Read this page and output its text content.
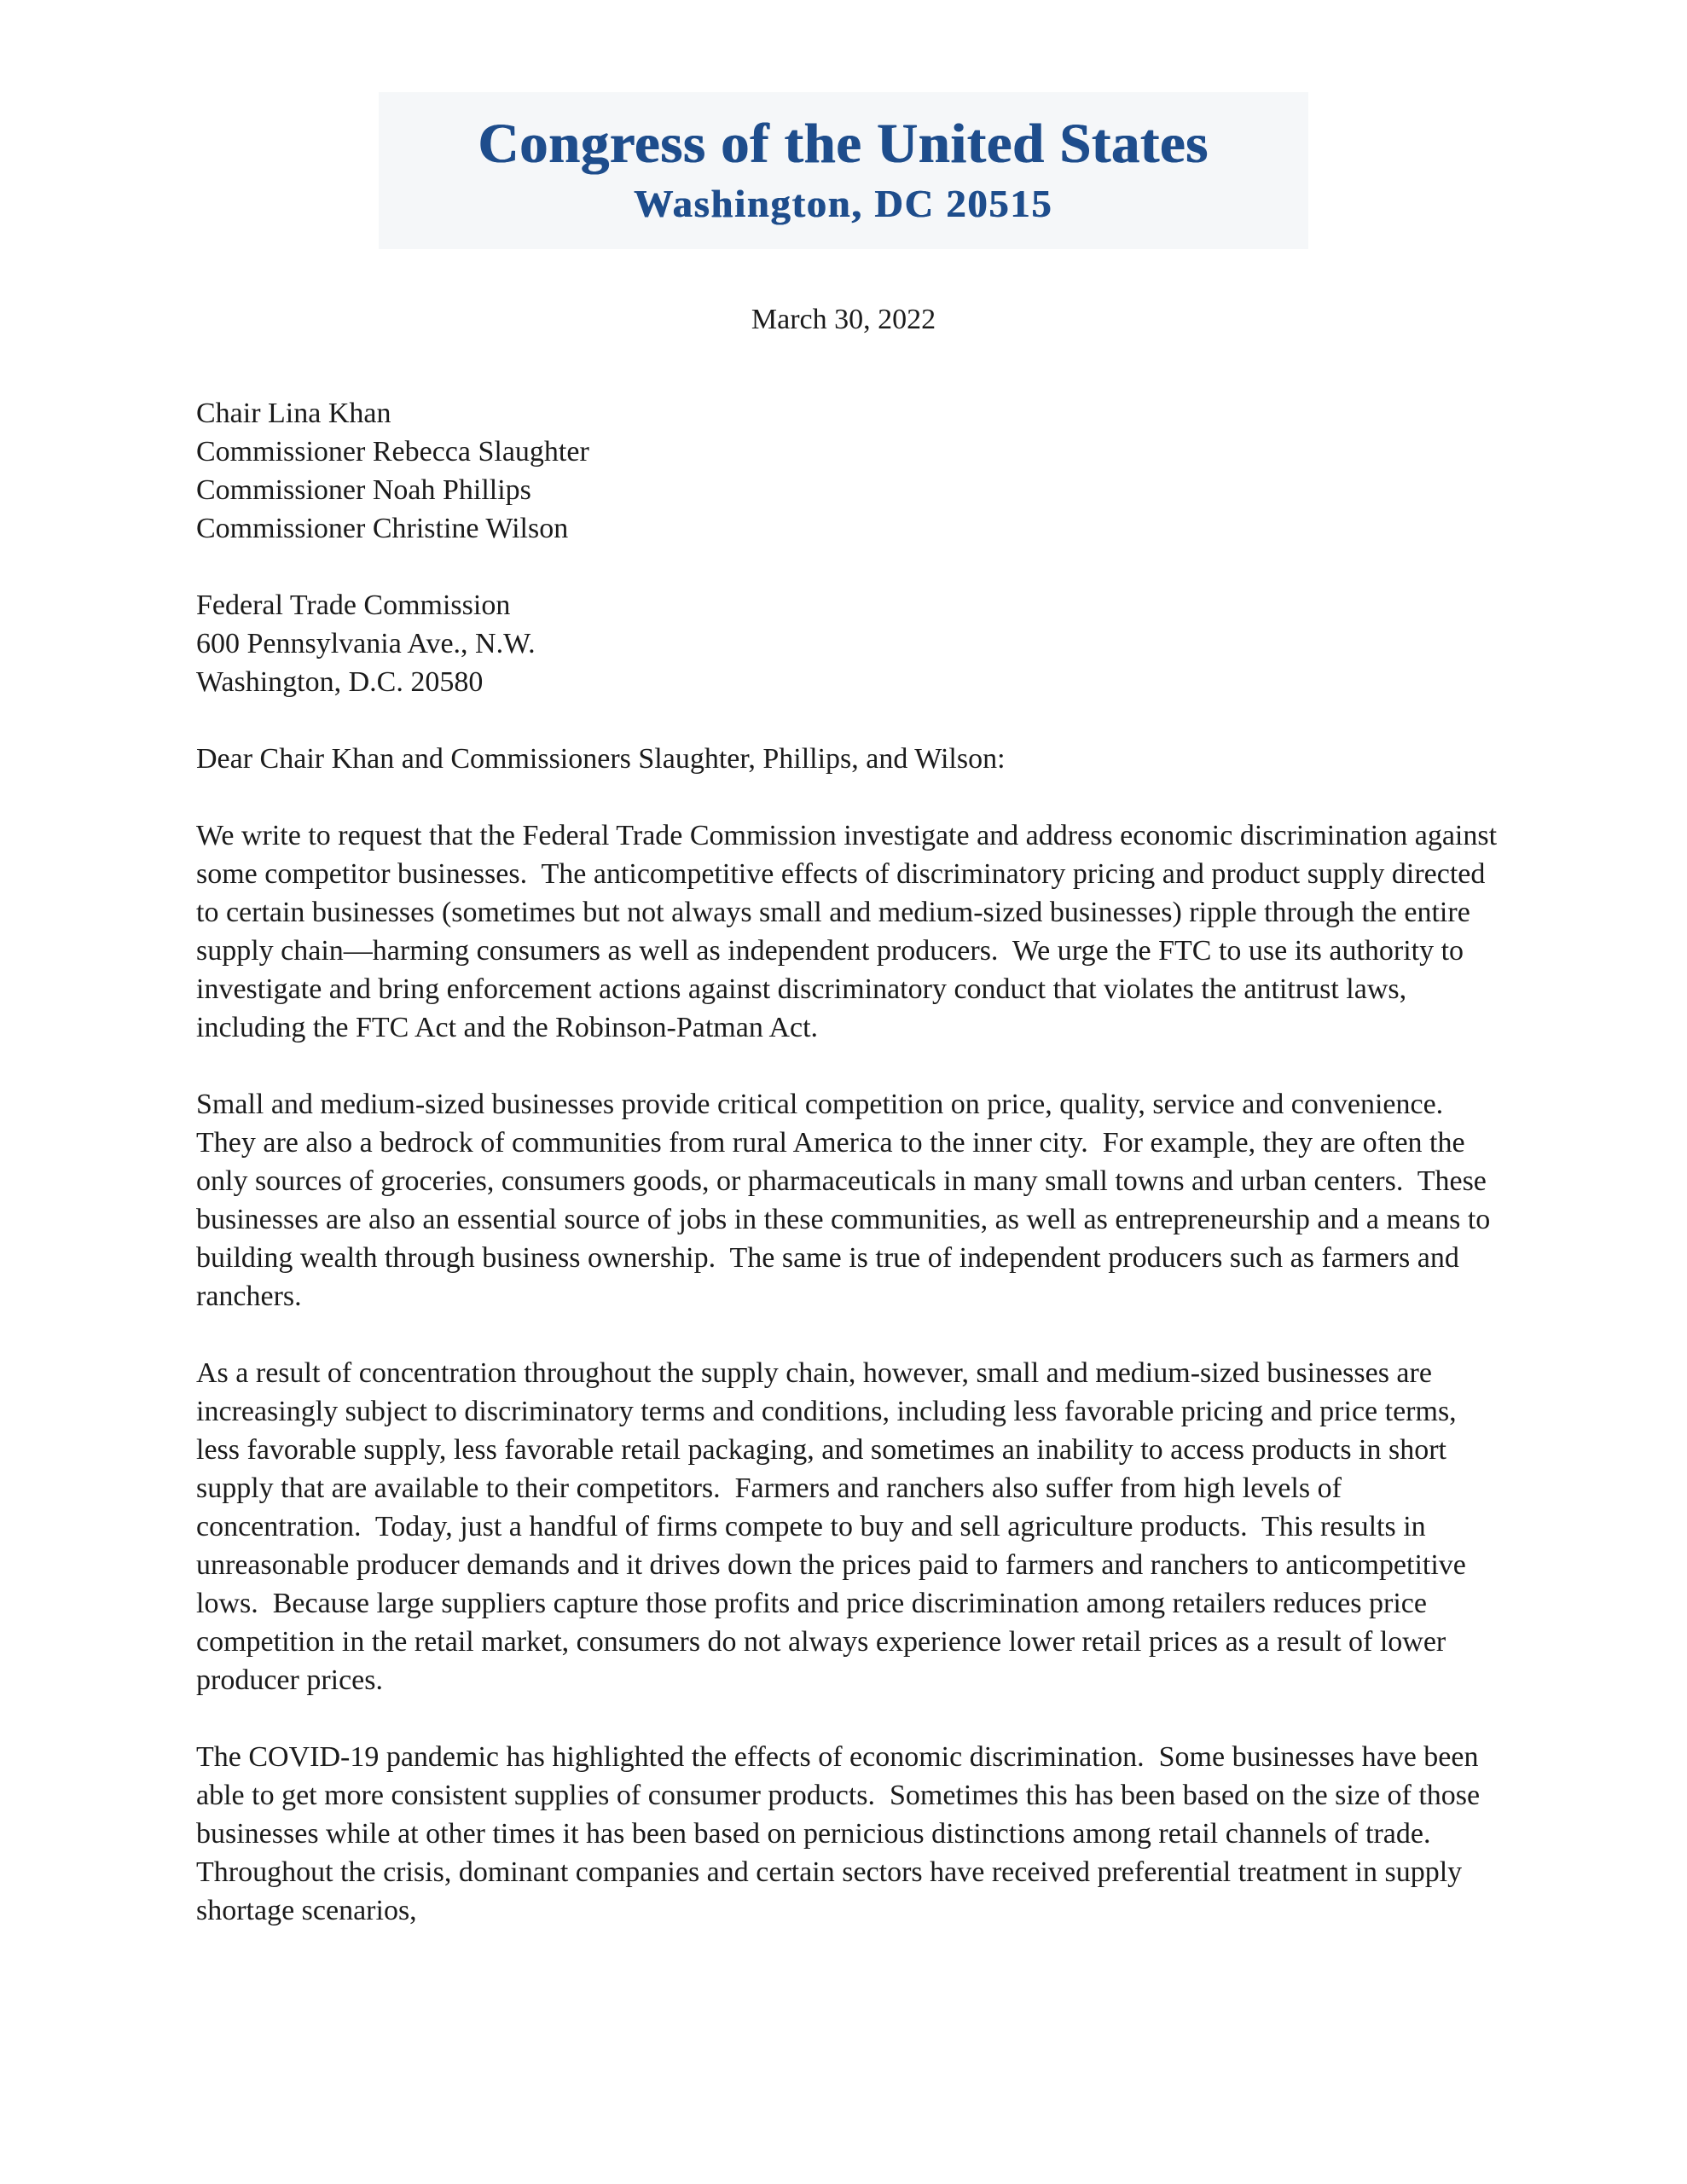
Congress of the United States
Washington, DC 20515
March 30, 2022
Chair Lina Khan
Commissioner Rebecca Slaughter
Commissioner Noah Phillips
Commissioner Christine Wilson
Federal Trade Commission
600 Pennsylvania Ave., N.W.
Washington, D.C. 20580
Dear Chair Khan and Commissioners Slaughter, Phillips, and Wilson:

We write to request that the Federal Trade Commission investigate and address economic discrimination against some competitor businesses.  The anticompetitive effects of discriminatory pricing and product supply directed to certain businesses (sometimes but not always small and medium-sized businesses) ripple through the entire supply chain—harming consumers as well as independent producers.  We urge the FTC to use its authority to investigate and bring enforcement actions against discriminatory conduct that violates the antitrust laws, including the FTC Act and the Robinson-Patman Act.

Small and medium-sized businesses provide critical competition on price, quality, service and convenience.  They are also a bedrock of communities from rural America to the inner city.  For example, they are often the only sources of groceries, consumers goods, or pharmaceuticals in many small towns and urban centers.  These businesses are also an essential source of jobs in these communities, as well as entrepreneurship and a means to building wealth through business ownership.  The same is true of independent producers such as farmers and ranchers.

As a result of concentration throughout the supply chain, however, small and medium-sized businesses are increasingly subject to discriminatory terms and conditions, including less favorable pricing and price terms, less favorable supply, less favorable retail packaging, and sometimes an inability to access products in short supply that are available to their competitors.  Farmers and ranchers also suffer from high levels of concentration.  Today, just a handful of firms compete to buy and sell agriculture products.  This results in unreasonable producer demands and it drives down the prices paid to farmers and ranchers to anticompetitive lows.  Because large suppliers capture those profits and price discrimination among retailers reduces price competition in the retail market, consumers do not always experience lower retail prices as a result of lower producer prices.

The COVID-19 pandemic has highlighted the effects of economic discrimination.  Some businesses have been able to get more consistent supplies of consumer products.  Sometimes this has been based on the size of those businesses while at other times it has been based on pernicious distinctions among retail channels of trade.  Throughout the crisis, dominant companies and certain sectors have received preferential treatment in supply shortage scenarios,
